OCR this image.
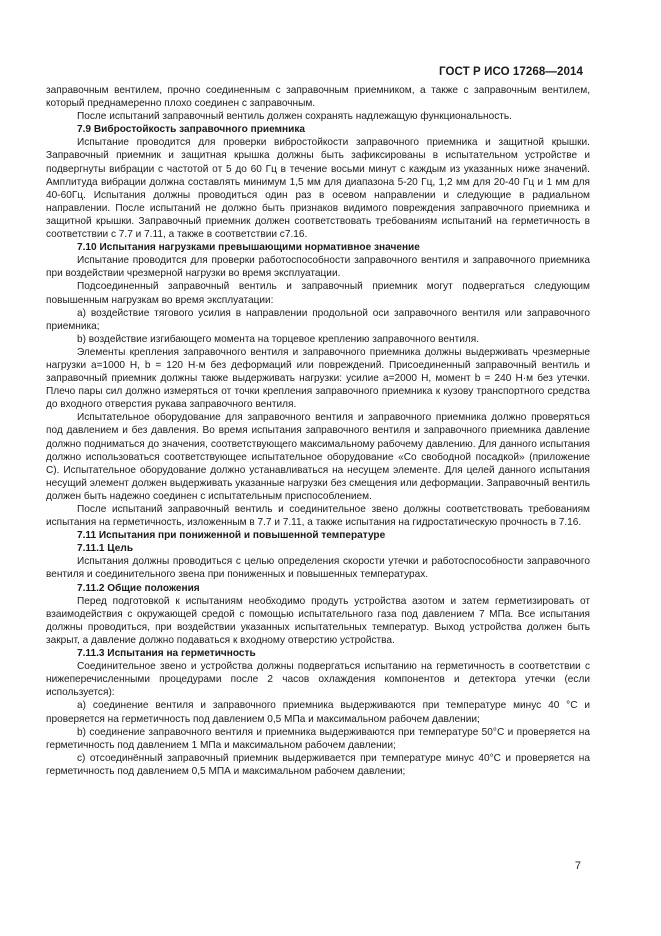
ГОСТ Р ИСО 17268—2014

заправочным вентилем, прочно соединенным с заправочным приемником, а также с заправочным вентилем, который преднамеренно плохо соединен с заправочным.

После испытаний заправочный вентиль должен сохранять надлежащую функциональность.

7.9 Вибростойкость заправочного приемника

Испытание проводится для проверки вибростойкости заправочного приемника и защитной крышки. Заправочный приемник и защитная крышка должны быть зафиксированы в испытательном устройстве и подвергнуты вибрации с частотой от 5 до 60 Гц в течение восьми минут с каждым из указанных ниже значений. Амплитуда вибрации должна составлять минимум 1,5 мм для диапазона 5-20 Гц, 1,2 мм для 20-40 Гц и 1 мм для 40-60Гц. Испытания должны проводиться один раз в осевом направлении и следующие в радиальном направлении. После испытаний не должно быть признаков видимого повреждения заправочного приемника и защитной крышки. Заправочный приемник должен соответствовать требованиям испытаний на герметичность в соответствии с 7.7 и 7.11, а также в соответствии с7.16.

7.10 Испытания нагрузками превышающими нормативное значение

Испытание проводится для проверки работоспособности заправочного вентиля и заправочного приемника при воздействии чрезмерной нагрузки во время эксплуатации.

Подсоединенный заправочный вентиль и заправочный приемник могут подвергаться следующим повышенным нагрузкам во время эксплуатации:

a) воздействие тягового усилия в направлении продольной оси заправочного вентиля или заправочного приемника;

b) воздействие изгибающего момента на торцевое креплению заправочного вентиля.

Элементы крепления заправочного вентиля и заправочного приемника должны выдерживать чрезмерные нагрузки a=1000 Н, b = 120 Н·м без деформаций или повреждений. Присоединенный заправочный вентиль и заправочный приемник должны также выдерживать нагрузки: усилие a=2000 Н, момент b = 240 Н·м без утечки. Плечо пары сил должно измеряться от точки крепления заправочного приемника к кузову транспортного средства до входного отверстия рукава заправочного вентиля.

Испытательное оборудование для заправочного вентиля и заправочного приемника должно проверяться под давлением и без давления. Во время испытания заправочного вентиля и заправочного приемника давление должно подниматься до значения, соответствующего максимальному рабочему давлению. Для данного испытания должно использоваться соответствующее испытательное оборудование «Со свободной посадкой» (приложение С). Испытательное оборудование должно устанавливаться на несущем элементе. Для целей данного испытания несущий элемент должен выдерживать указанные нагрузки без смещения или деформации. Заправочный вентиль должен быть надежно соединен с испытательным приспособлением.

После испытаний заправочный вентиль и соединительное звено должны соответствовать требованиям испытания на герметичность, изложенным в 7.7 и 7.11, а также испытания на гидростатическую прочность в 7.16.

7.11 Испытания при пониженной и повышенной температуре

7.11.1 Цель

Испытания должны проводиться с целью определения скорости утечки и работоспособности заправочного вентиля и соединительного звена при пониженных и повышенных температурах.

7.11.2 Общие положения

Перед подготовкой к испытаниям необходимо продуть устройства азотом и затем герметизировать от взаимодействия с окружающей средой с помощью испытательного газа под давлением 7 МПа. Все испытания должны проводиться, при воздействии указанных испытательных температур. Выход устройства должен быть закрыт, а давление должно подаваться к входному отверстию устройства.

7.11.3 Испытания на герметичность

Соединительное звено и устройства должны подвергаться испытанию на герметичность в соответствии с нижеперечисленными процедурами после 2 часов охлаждения компонентов и детектора утечки (если используется):

a) соединение вентиля и заправочного приемника выдерживаются при температуре минус 40 °С и проверяется на герметичность под давлением 0,5 МПа и максимальном рабочем давлении;

b) соединение заправочного вентиля и приемника выдерживаются при температуре 50°С и проверяется на герметичность под давлением 1 МПа и максимальном рабочем давлении;

c) отсоединённый заправочный приемник выдерживается при температуре минус 40°С и проверяется на герметичность под давлением 0,5 МПА и максимальном рабочем давлении;

7
